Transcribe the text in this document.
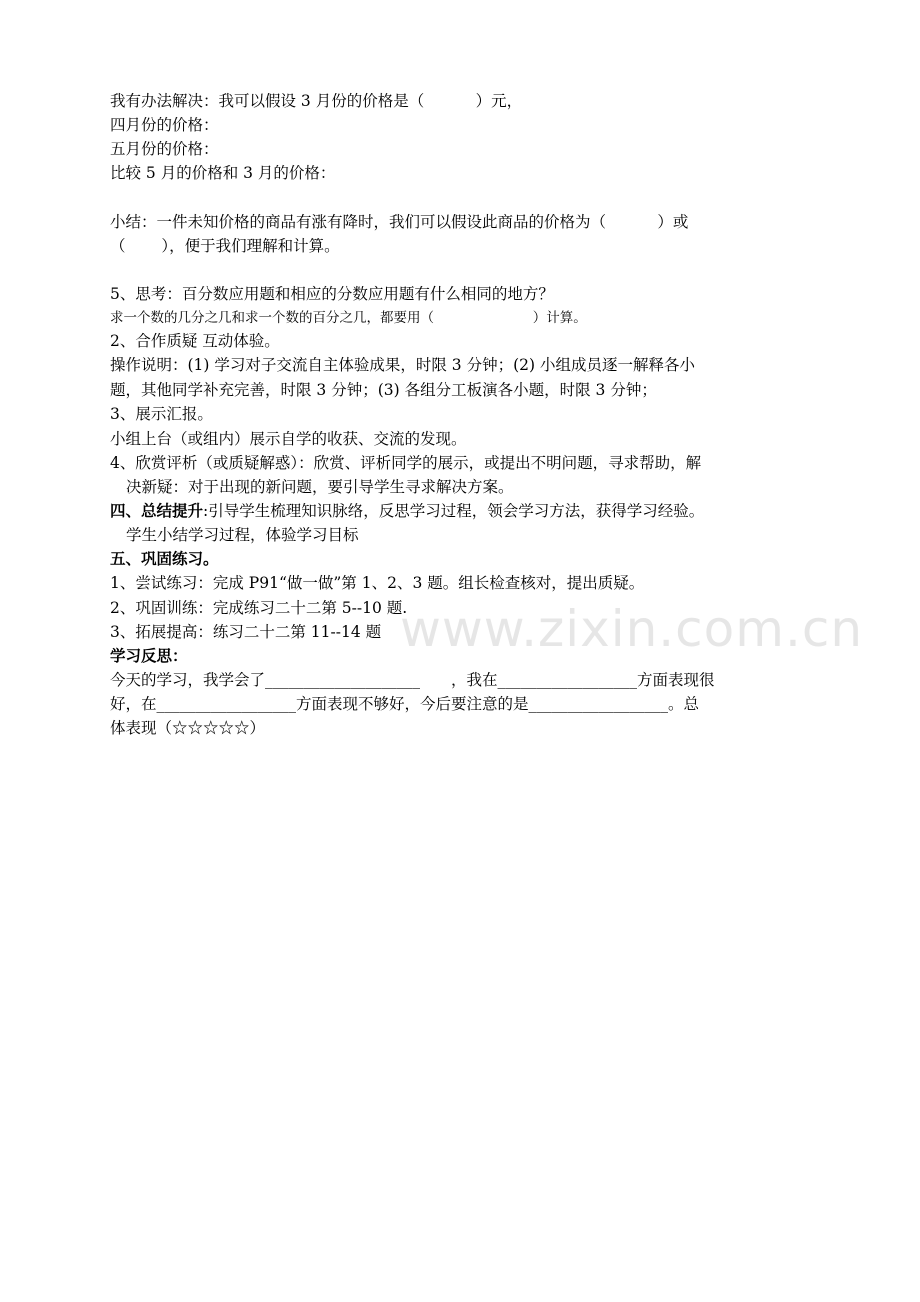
www.zixin.com.cn
我有办法解决：我可以假设 3 月份的价格是（　　　 ）元，
四月份的价格：
五月份的价格：
比较 5 月的价格和 3 月的价格：
小结：一件未知价格的商品有涨有降时，我们可以假设此商品的价格为（　　　 ）或
（　　 ），便于我们理解和计算。
5、思考：百分数应用题和相应的分数应用题有什么相同的地方？
求一个数的几分之几和求一个数的百分之几，都要用（　　　　　　　 ）计算。
2、合作质疑 互动体验。
操作说明：(1) 学习对子交流自主体验成果，时限 3 分钟；(2) 小组成员逐一解释各小
题，其他同学补充完善，时限 3 分钟；(3) 各组分工板演各小题，时限 3 分钟；
3、展示汇报。
小组上台（或组内）展示自学的收获、交流的发现。
4、欣赏评析（或质疑解惑）：欣赏、评析同学的展示，或提出不明问题，寻求帮助，解
决新疑：对于出现的新问题，要引导学生寻求解决方案。
四、总结提升:引导学生梳理知识脉络，反思学习过程，领会学习方法，获得学习经验。
学生小结学习过程，体验学习目标
五、巩固练习。
1、尝试练习：完成 P91“做一做”第 1、2、3 题。组长检查核对，提出质疑。
2、巩固训练：完成练习二十二第 5--10 题.
3、拓展提高：练习二十二第 11--14 题
学习反思：
今天的学习，我学会了____________________　　，我在__________________方面表现很
好，在__________________方面表现不够好，今后要注意的是__________________。总
体表现（☆☆☆☆☆）
